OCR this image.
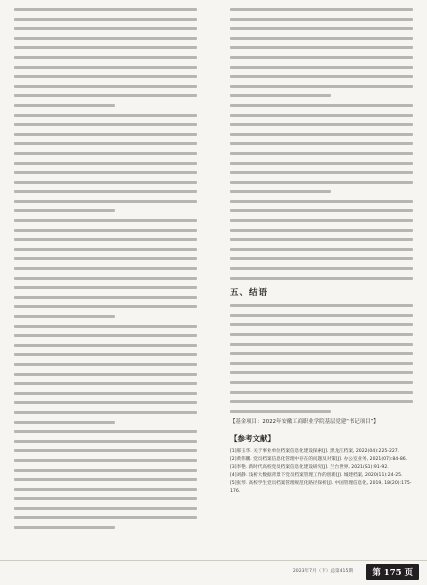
五、结语
【基金项目：2022年安徽工商职业学院基层党建“书记项目”】
【参考文献】
[1]郝玉华. 关于事业单位档案信息化建设探索[J]. 黑龙江档案, 2022(04):225-227.
[2]黄伟鹏. 党员档案信息化管理中存在的问题及对策[J]. 办公室业务, 2021(07):84-86.
[3]李艳. 新时代高校党员档案信息化建设研究[J]. 兰台世界, 2021(S1):91-92.
[4]刘静. 浅析大数据背景下党员档案管理工作的创新[J]. 城建档案, 2020(11):24-25.
[5]张琴. 高校学生党员档案管理规范化路径探析[J]. 中国管理信息化, 2019, 18(20):175-176.
2023年7月（下）总第415期	第 175 页
